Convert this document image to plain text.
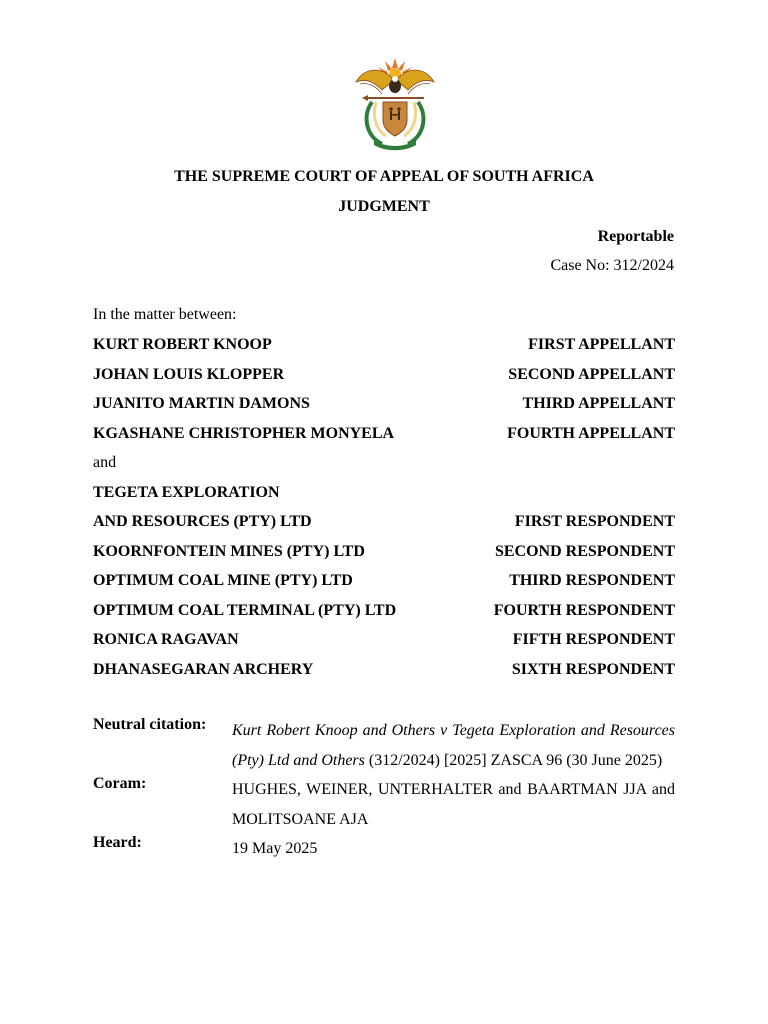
THE SUPREME COURT OF APPEAL OF SOUTH AFRICA
JUDGMENT
Reportable
Case No: 312/2024
In the matter between:
KURT ROBERT KNOOP	FIRST APPELLANT
JOHAN LOUIS KLOPPER	SECOND APPELLANT
JUANITO MARTIN DAMONS	THIRD APPELLANT
KGASHANE CHRISTOPHER MONYELA	FOURTH APPELLANT
and
TEGETA EXPLORATION
AND RESOURCES (PTY) LTD	FIRST RESPONDENT
KOORNFONTEIN MINES (PTY) LTD	SECOND RESPONDENT
OPTIMUM COAL MINE (PTY) LTD	THIRD RESPONDENT
OPTIMUM COAL TERMINAL (PTY) LTD	FOURTH RESPONDENT
RONICA RAGAVAN	FIFTH RESPONDENT
DHANASEGARAN ARCHERY	SIXTH RESPONDENT
Neutral citation: Kurt Robert Knoop and Others v Tegeta Exploration and Resources (Pty) Ltd and Others (312/2024) [2025] ZASCA 96 (30 June 2025)
Coram:	HUGHES, WEINER, UNTERHALTER and BAARTMAN JJA and MOLITSOANE AJA
Heard:	19 May 2025
